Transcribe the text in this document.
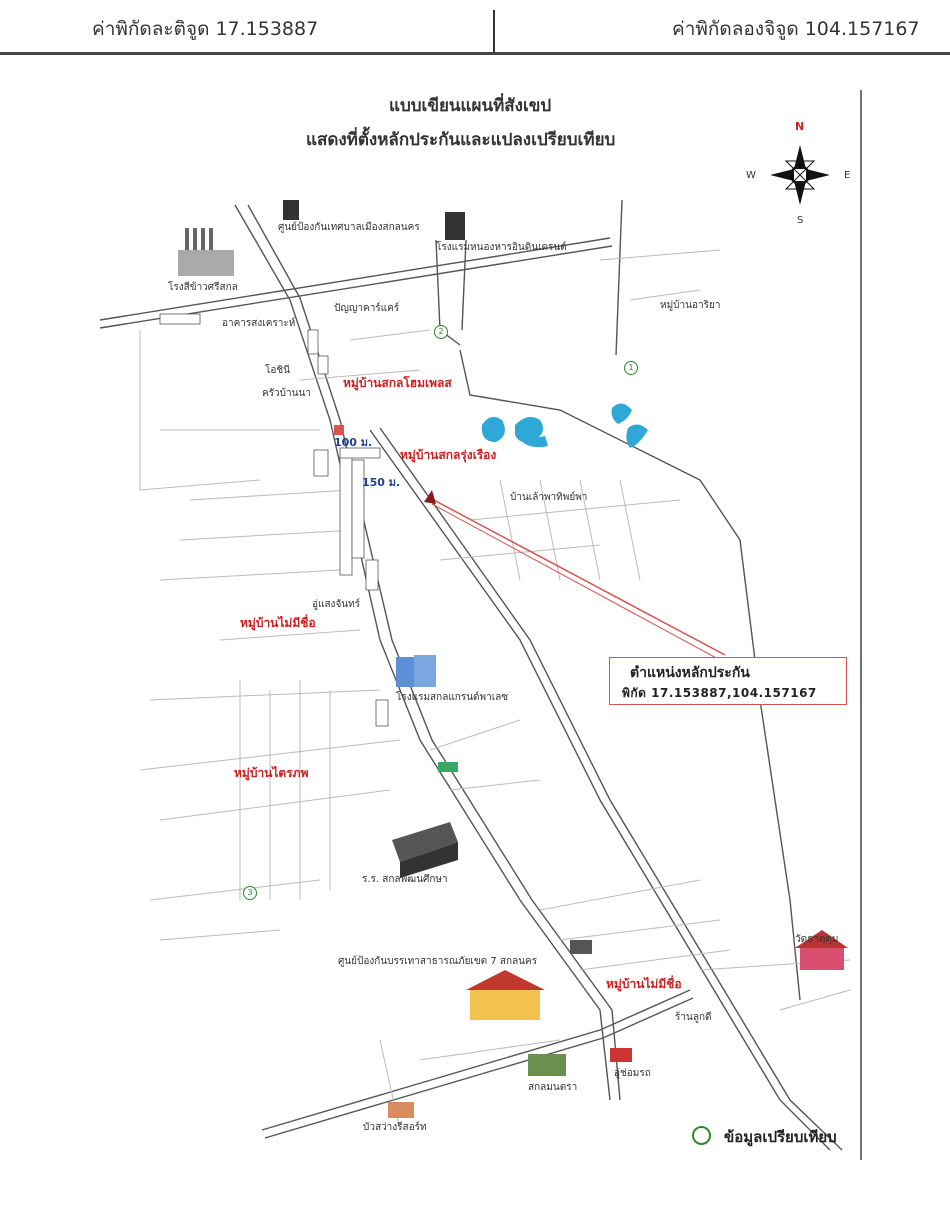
ค่าพิกัดละติจูด 17.153887	ค่าพิกัดลองจิจูด 104.157167
แบบเขียนแผนที่สังเขป
แสดงที่ตั้งหลักประกันและแปลงเปรียบเทียบ
N
S
E
W
โรงสีข้าวศรีสกล
ศูนย์ป้องกันเทศบาลเมืองสกลนคร
โรงแรมหนองหารอินดินเดรนด์
อาคารสงเคราะห์
ปัญญาคาร์แคร์
โอชินี
ครัวบ้านนา
บ้านเล้าพาทิพย์พา
โรงแรมสกลแกรนด์พาเลซ
ร.ร. สกลพัฒนศึกษา
ศูนย์ป้องกันบรรเทาสาธารณภัยเขต 7 สกลนคร
วัดธาตุดุม
ร้านลูกดี
สกลมนตรา
อู่ช่อมรถ
บัวสว่างรีสอร์ท
อู่แสงจันทร์
หมู่บ้านสกลโฮมเพลส
หมู่บ้านสกลรุ่งเรือง
หมู่บ้านไม่มีชื่อ
หมู่บ้านไตรภพ
หมู่บ้านไม่มีชื่อ
หมู่บ้านอาริยา
100 ม.
150 ม.
2
1
3
ตำแหน่งหลักประกัน
พิกัด 17.153887,104.157167
ข้อมูลเปรียบเทียบ
